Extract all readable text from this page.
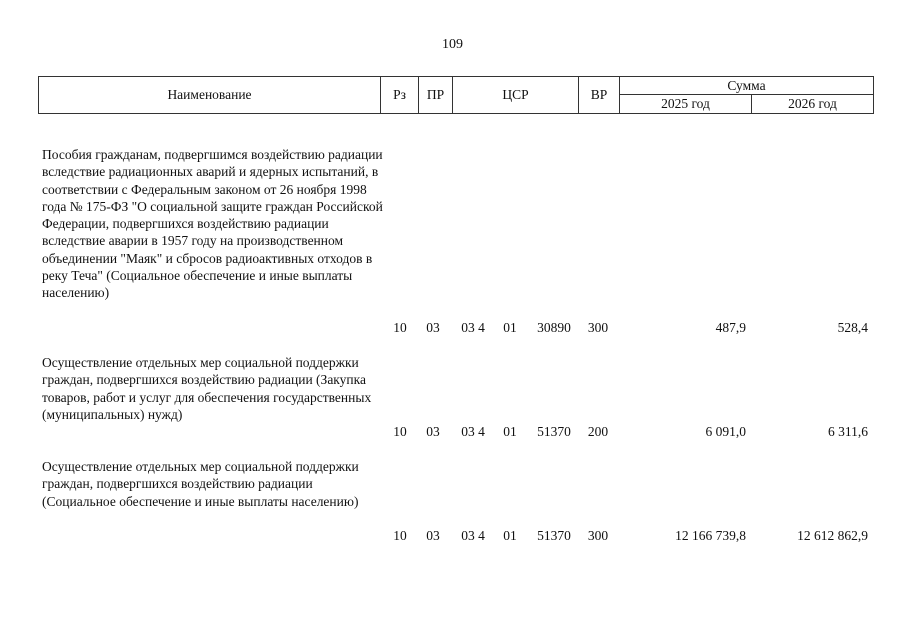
109
Наименование	Рз	ПР	ЦСР	ВР
Сумма
2025 год	2026 год
Пособия гражданам, подвергшимся воздействию радиации вследствие радиационных аварий и ядерных испытаний, в соответствии с Федеральным законом от 26 ноября 1998 года № 175-ФЗ "О социальной защите граждан Российской Федерации, подвергшихся воздействию радиации вследствие аварии в 1957 году на производственном объединении "Маяк" и сбросов радиоактивных отходов в реку Теча" (Социальное обеспечение и иные выплаты населению)
10	03	03 4	01	30890	300	487,9	528,4
Осуществление отдельных мер социальной поддержки граждан, подвергшихся воздействию радиации (Закупка товаров, работ и услуг для обеспечения государственных (муниципальных) нужд)
10	03	03 4	01	51370	200	6 091,0	6 311,6
Осуществление отдельных мер социальной поддержки граждан, подвергшихся воздействию радиации (Социальное обеспечение и иные выплаты населению)
10	03	03 4	01	51370	300	12 166 739,8	12 612 862,9
